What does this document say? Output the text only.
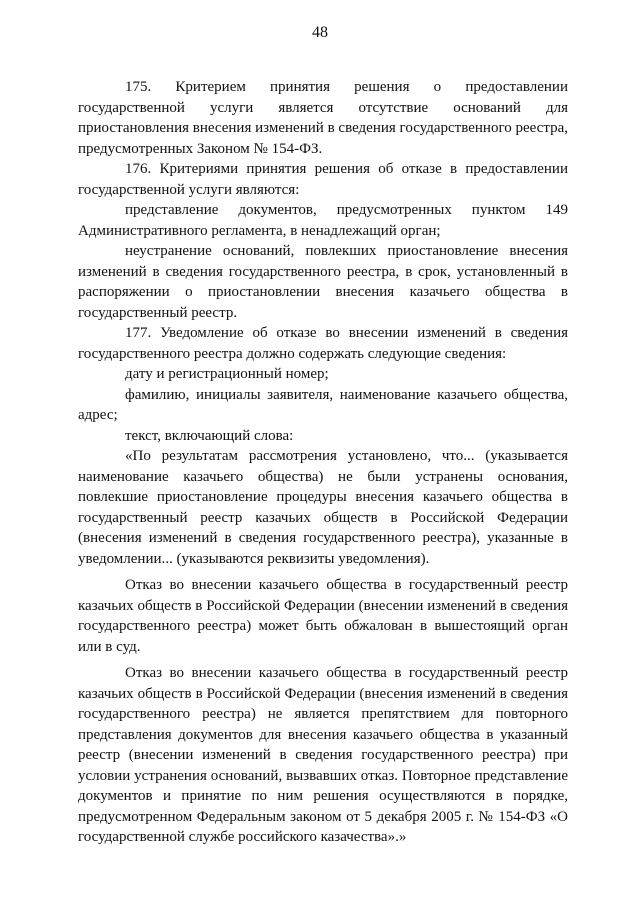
48

175. Критерием принятия решения о предоставлении государственной услуги является отсутствие оснований для приостановления внесения изменений в сведения государственного реестра, предусмотренных Законом № 154-ФЗ.

176. Критериями принятия решения об отказе в предоставлении государственной услуги являются:

представление документов, предусмотренных пунктом 149 Административного регламента, в ненадлежащий орган;

неустранение оснований, повлекших приостановление внесения изменений в сведения государственного реестра, в срок, установленный в распоряжении о приостановлении внесения казачьего общества в государственный реестр.

177. Уведомление об отказе во внесении изменений в сведения государственного реестра должно содержать следующие сведения:

дату и регистрационный номер;

фамилию, инициалы заявителя, наименование казачьего общества, адрес;

текст, включающий слова:

«По результатам рассмотрения установлено, что... (указывается наименование казачьего общества) не были устранены основания, повлекшие приостановление процедуры внесения казачьего общества в государственный реестр казачьих обществ в Российской Федерации (внесения изменений в сведения государственного реестра), указанные в уведомлении... (указываются реквизиты уведомления).

Отказ во внесении казачьего общества в государственный реестр казачьих обществ в Российской Федерации (внесении изменений в сведения государственного реестра) может быть обжалован в вышестоящий орган или в суд.

Отказ во внесении казачьего общества в государственный реестр казачьих обществ в Российской Федерации (внесения изменений в сведения государственного реестра) не является препятствием для повторного представления документов для внесения казачьего общества в указанный реестр (внесении изменений в сведения государственного реестра) при условии устранения оснований, вызвавших отказ. Повторное представление документов и принятие по ним решения осуществляются в порядке, предусмотренном Федеральным законом от 5 декабря 2005 г. № 154-ФЗ «О государственной службе российского казачества».»
